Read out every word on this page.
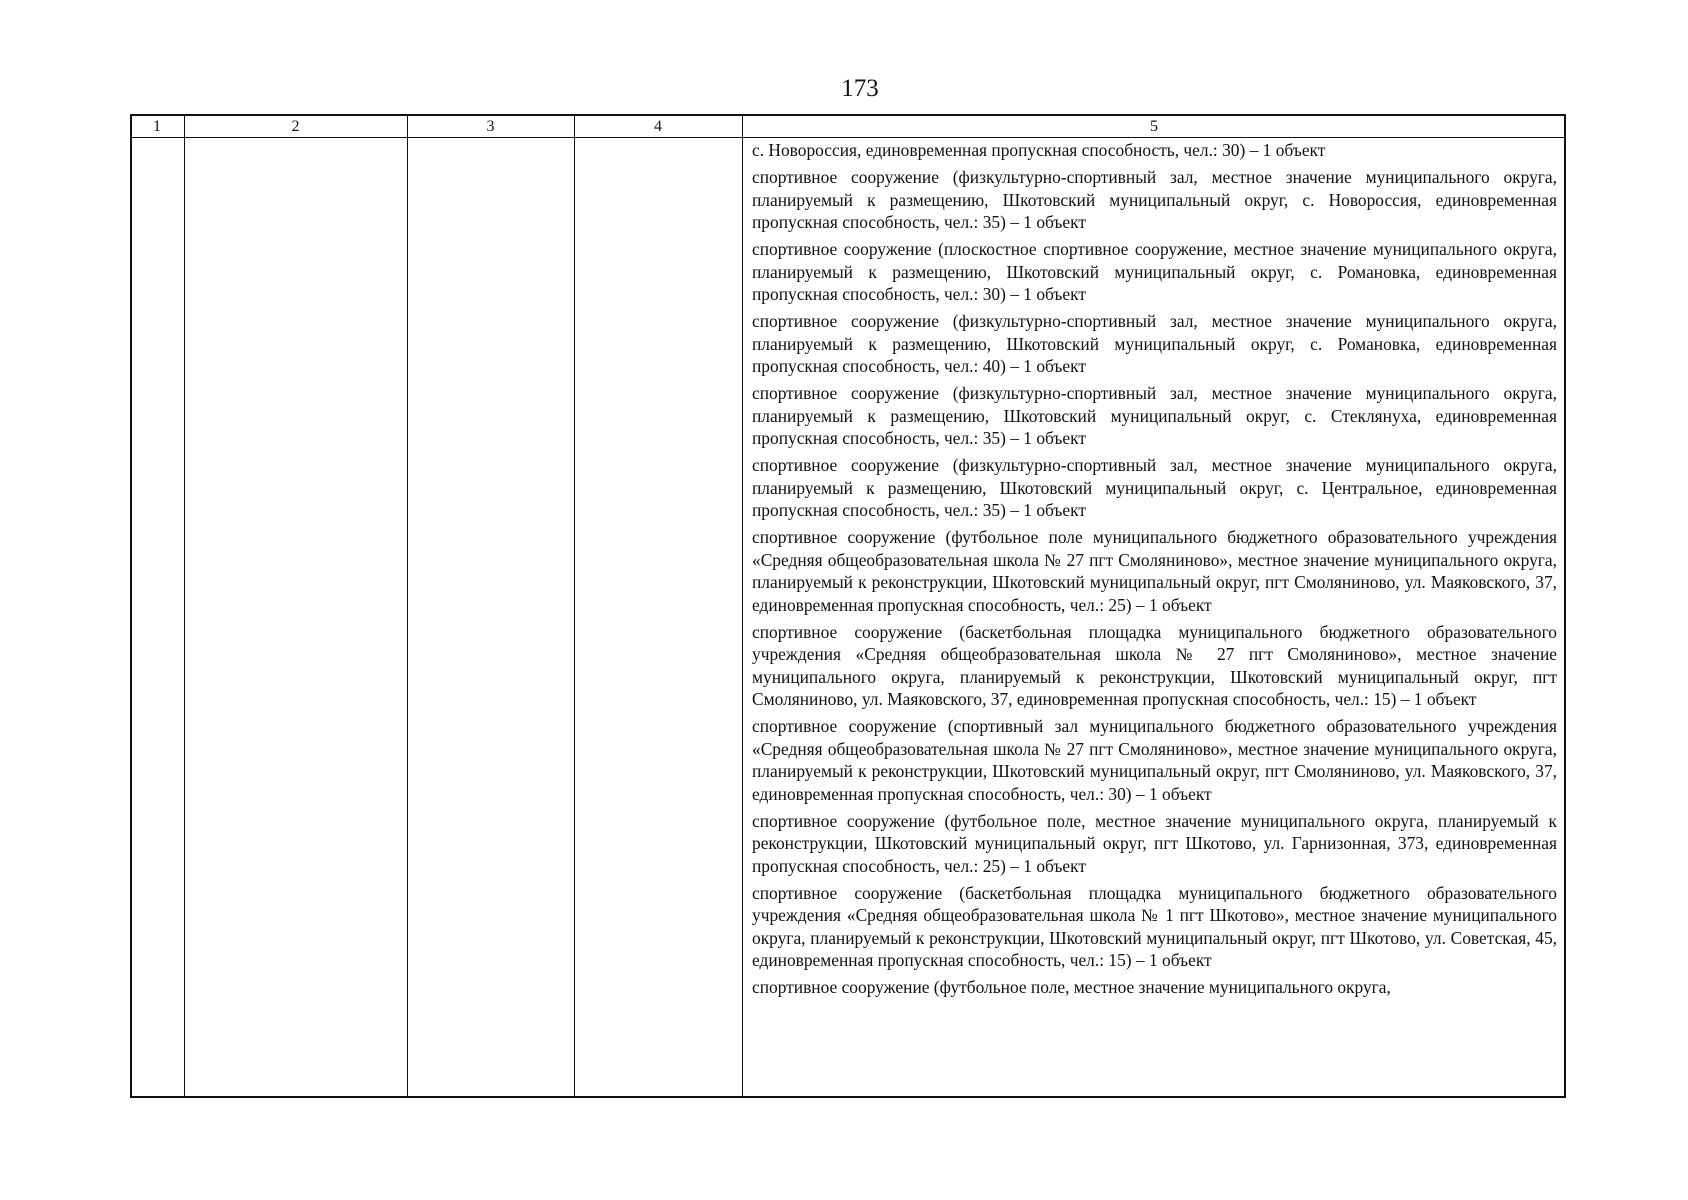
173
1	2	3	4	5

с. Новороссия, единовременная пропускная способность, чел.: 30) – 1 объект

спортивное сооружение (физкультурно-спортивный зал, местное значение муниципального округа, планируемый к размещению, Шкотовский муниципальный округ, с. Новороссия, единовременная пропускная способность, чел.: 35) – 1 объект

спортивное сооружение (плоскостное спортивное сооружение, местное значение муниципального округа, планируемый к размещению, Шкотовский муниципальный округ, с. Романовка, единовременная пропускная способность, чел.: 30) – 1 объект

спортивное сооружение (физкультурно-спортивный зал, местное значение муниципального округа, планируемый к размещению, Шкотовский муниципальный округ, с. Романовка, единовременная пропускная способность, чел.: 40) – 1 объект

спортивное сооружение (физкультурно-спортивный зал, местное значение муниципального округа, планируемый к размещению, Шкотовский муниципальный округ, с. Стеклянуха, единовременная пропускная способность, чел.: 35) – 1 объект

спортивное сооружение (физкультурно-спортивный зал, местное значение муниципального округа, планируемый к размещению, Шкотовский муниципальный округ, с. Центральное, единовременная пропускная способность, чел.: 35) – 1 объект

спортивное сооружение (футбольное поле муниципального бюджетного образовательного учреждения «Средняя общеобразовательная школа № 27 пгт Смоляниново», местное значение муниципального округа, планируемый к реконструкции, Шкотовский муниципальный округ, пгт Смоляниново, ул. Маяковского, 37, единовременная пропускная способность, чел.: 25) – 1 объект

спортивное сооружение (баскетбольная площадка муниципального бюджетного образовательного учреждения «Средняя общеобразовательная школа № 27 пгт Смоляниново», местное значение муниципального округа, планируемый к реконструкции, Шкотовский муниципальный округ, пгт Смоляниново, ул. Маяковского, 37, единовременная пропускная способность, чел.: 15) – 1 объект

спортивное сооружение (спортивный зал муниципального бюджетного образовательного учреждения «Средняя общеобразовательная школа № 27 пгт Смоляниново», местное значение муниципального округа, планируемый к реконструкции, Шкотовский муниципальный округ, пгт Смоляниново, ул. Маяковского, 37, единовременная пропускная способность, чел.: 30) – 1 объект

спортивное сооружение (футбольное поле, местное значение муниципального округа, планируемый к реконструкции, Шкотовский муниципальный округ, пгт Шкотово, ул. Гарнизонная, 373, единовременная пропускная способность, чел.: 25) – 1 объект

спортивное сооружение (баскетбольная площадка муниципального бюджетного образовательного учреждения «Средняя общеобразовательная школа № 1 пгт Шкотово», местное значение муниципального округа, планируемый к реконструкции, Шкотовский муниципальный округ, пгт Шкотово, ул. Советская, 45, единовременная пропускная способность, чел.: 15) – 1 объект

спортивное сооружение (футбольное поле, местное значение муниципального округа,
